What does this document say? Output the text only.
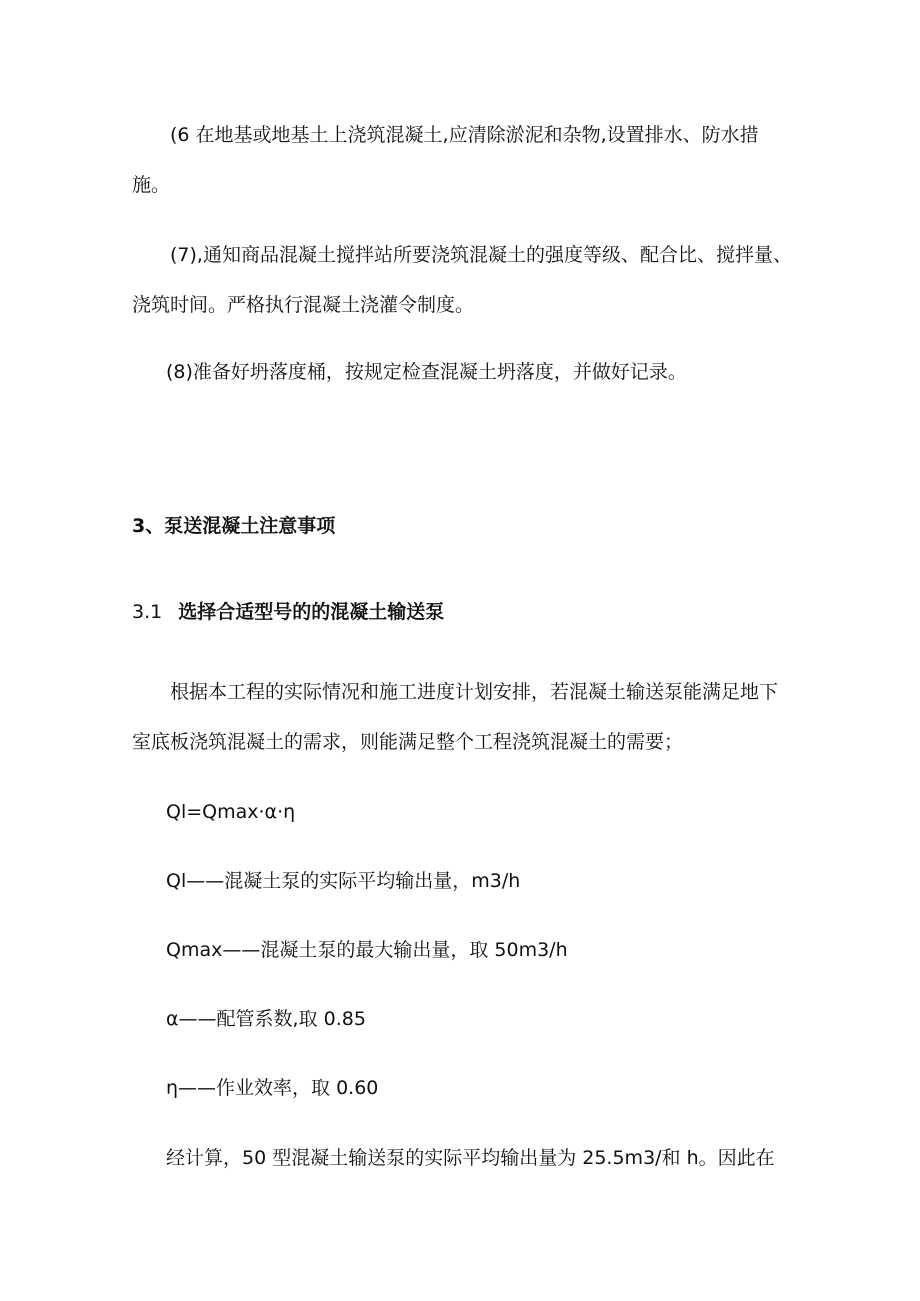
(6 在地基或地基土上浇筑混凝土,应清除淤泥和杂物,设置排水、防水措施。

(7),通知商品混凝土搅拌站所要浇筑混凝土的强度等级、配合比、搅拌量、浇筑时间。严格执行混凝土浇灌令制度。

(8)准备好坍落度桶，按规定检查混凝土坍落度，并做好记录。

3、泵送混凝土注意事项

3.1 选择合适型号的的混凝土输送泵

根据本工程的实际情况和施工进度计划安排，若混凝土输送泵能满足地下室底板浇筑混凝土的需求，则能满足整个工程浇筑混凝土的需要；

Ql=Qmax·α·η

Ql——混凝土泵的实际平均输出量，m3∕h

Qmax——混凝土泵的最大输出量，取 50m3∕h

α——配管系数,取 0.85

η——作业效率，取 0.60

经计算，50 型混凝土输送泵的实际平均输出量为 25.5m3∕和 h。因此在
